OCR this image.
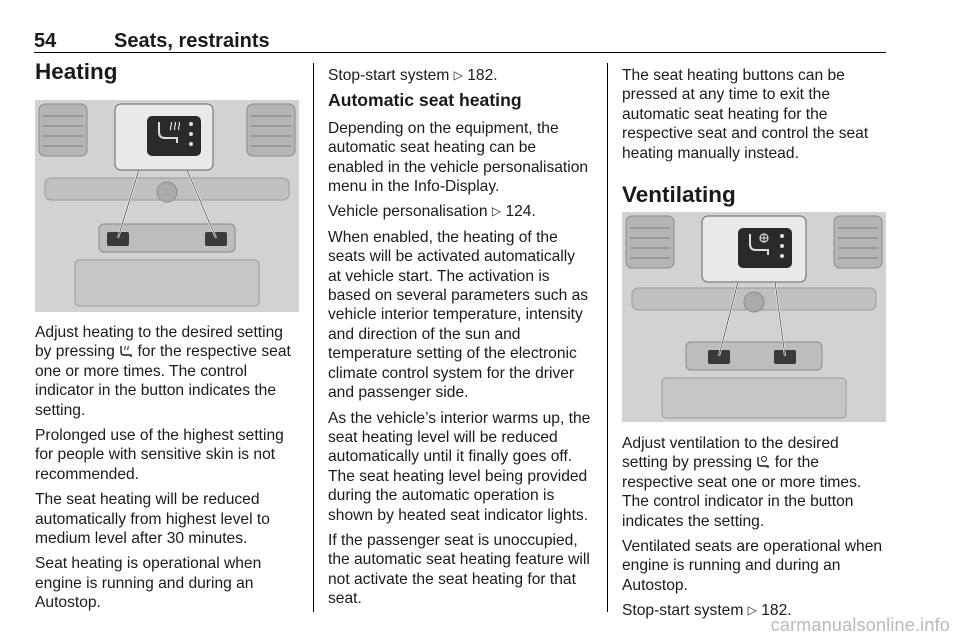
54	Seats, restraints
Heating

Adjust heating to the desired setting by pressing for the respective seat one or more times. The control indicator in the button indicates the setting.

Prolonged use of the highest setting for people with sensitive skin is not recommended.

The seat heating will be reduced automatically from highest level to medium level after 30 minutes.

Seat heating is operational when engine is running and during an Autostop.

Stop-start system ▷ 182.

Automatic seat heating

Depending on the equipment, the automatic seat heating can be enabled in the vehicle personalisation menu in the Info-Display.

Vehicle personalisation ▷ 124.

When enabled, the heating of the seats will be activated automatically at vehicle start. The activation is based on several parameters such as vehicle interior temperature, intensity and direction of the sun and temperature setting of the electronic climate control system for the driver and passenger side.

As the vehicle’s interior warms up, the seat heating level will be reduced automatically until it finally goes off. The seat heating level being provided during the automatic operation is shown by heated seat indicator lights.

If the passenger seat is unoccupied, the automatic seat heating feature will not activate the seat heating for that seat.

The seat heating buttons can be pressed at any time to exit the automatic seat heating for the respective seat and control the seat heating manually instead.

Ventilating

Adjust ventilation to the desired setting by pressing for the respective seat one or more times. The control indicator in the button indicates the setting.

Ventilated seats are operational when engine is running and during an Autostop.

Stop-start system ▷ 182.

carmanualsonline.info
